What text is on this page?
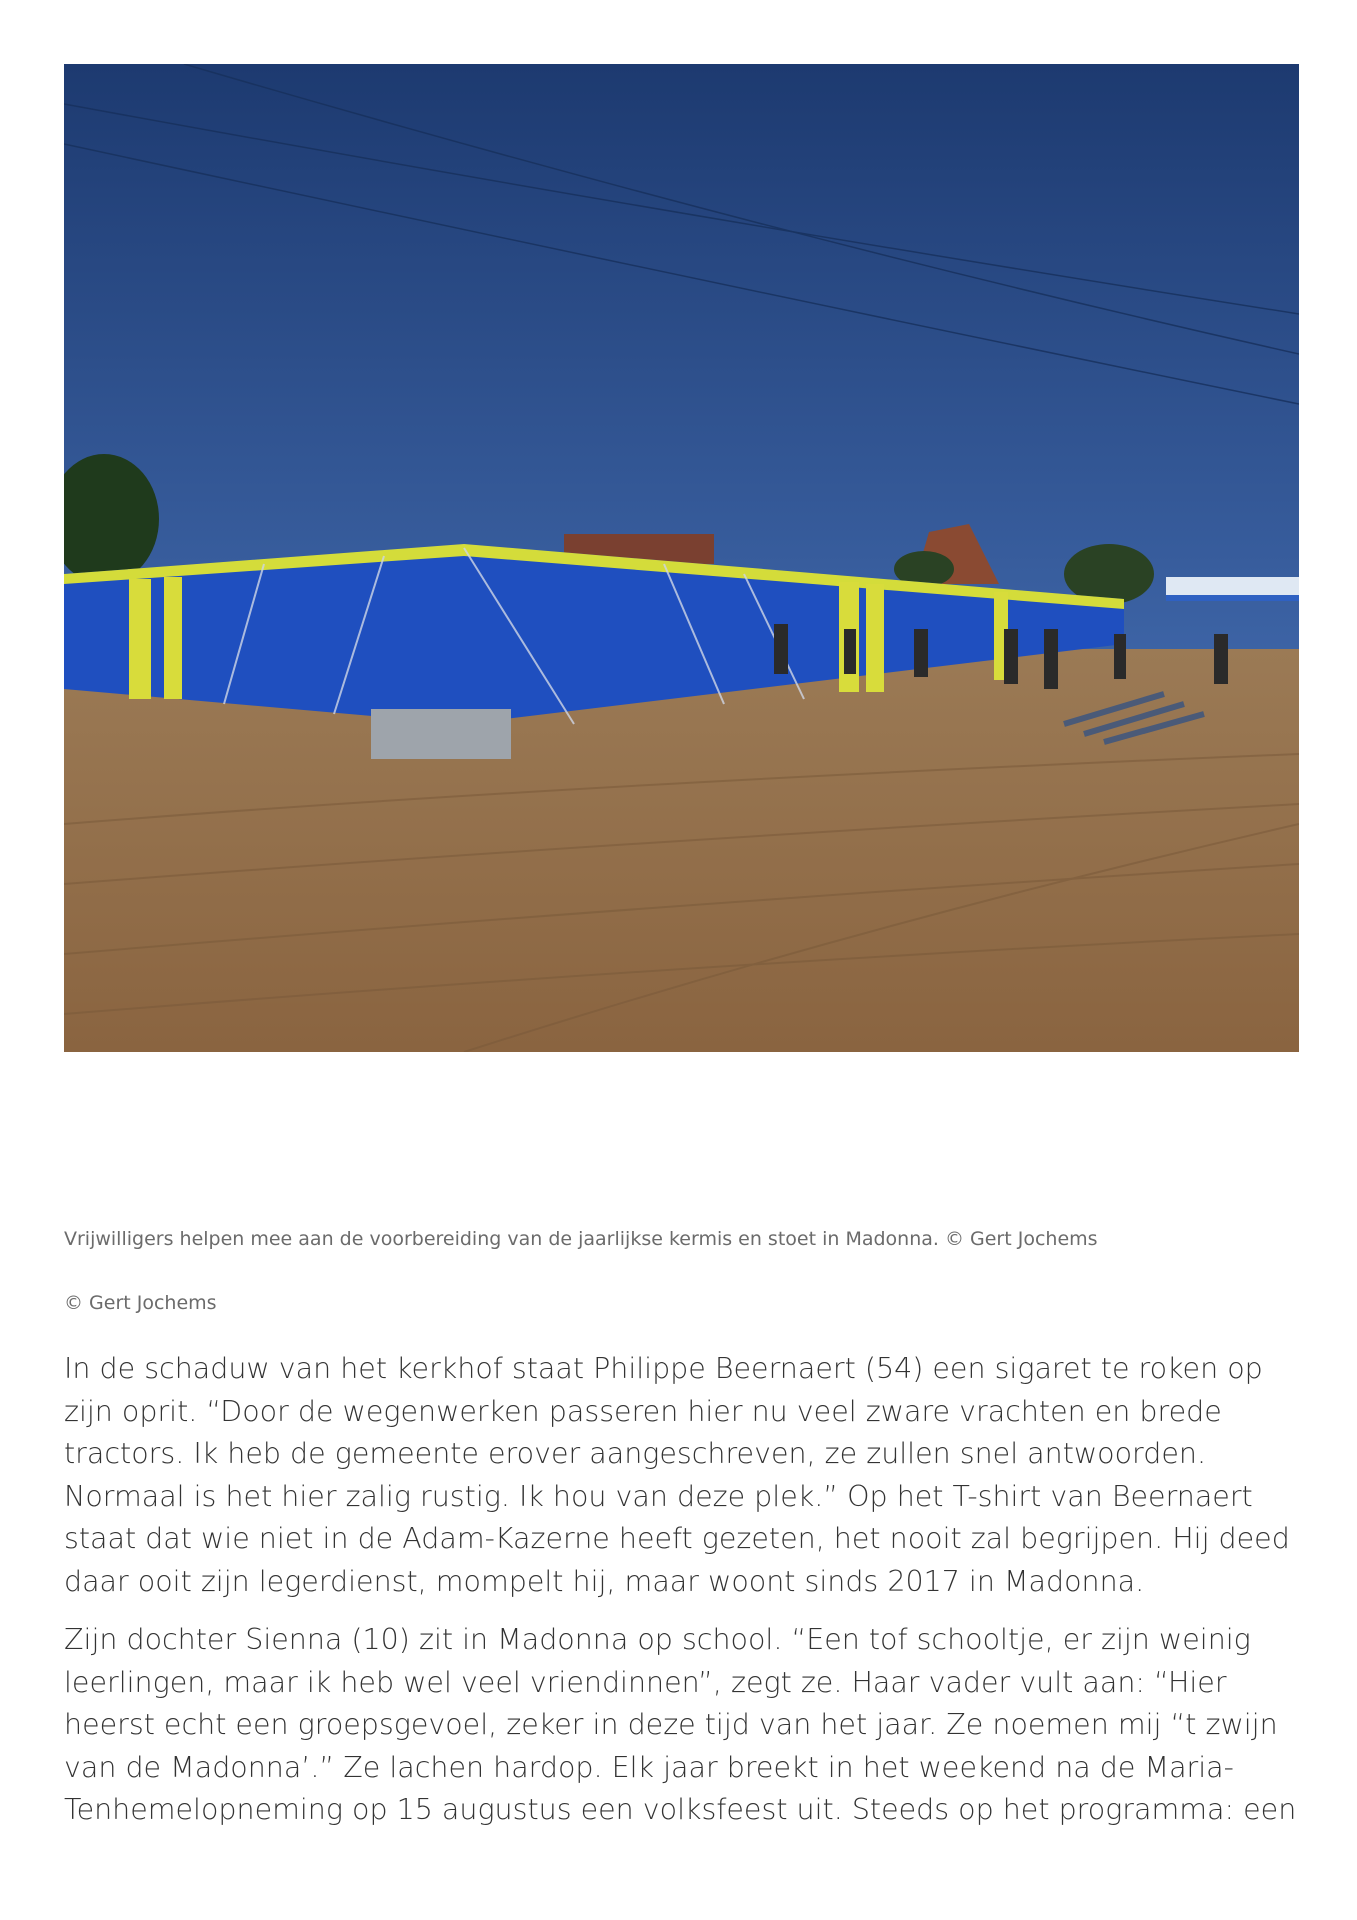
Vrijwilligers helpen mee aan de voorbereiding van de jaarlijkse kermis en stoet in Madonna. © Gert Jochems

© Gert Jochems

In de schaduw van het kerkhof staat Philippe Beernaert (54) een sigaret te roken op zijn oprit. “Door de wegenwerken passeren hier nu veel zware vrachten en brede tractors. Ik heb de gemeente erover aangeschreven, ze zullen snel antwoorden. Normaal is het hier zalig rustig. Ik hou van deze plek.” Op het T-shirt van Beernaert staat dat wie niet in de Adam-Kazerne heeft gezeten, het nooit zal begrijpen. Hij deed daar ooit zijn legerdienst, mompelt hij, maar woont sinds 2017 in Madonna.

Zijn dochter Sienna (10) zit in Madonna op school. “Een tof schooltje, er zijn weinig leerlingen, maar ik heb wel veel vriendinnen”, zegt ze. Haar vader vult aan: “Hier heerst echt een groepsgevoel, zeker in deze tijd van het jaar. Ze noemen mij “t zwijn van de Madonna’.” Ze lachen hardop. Elk jaar breekt in het weekend na de Maria-Tenhemelopneming op 15 augustus een volksfeest uit. Steeds op het programma: een
